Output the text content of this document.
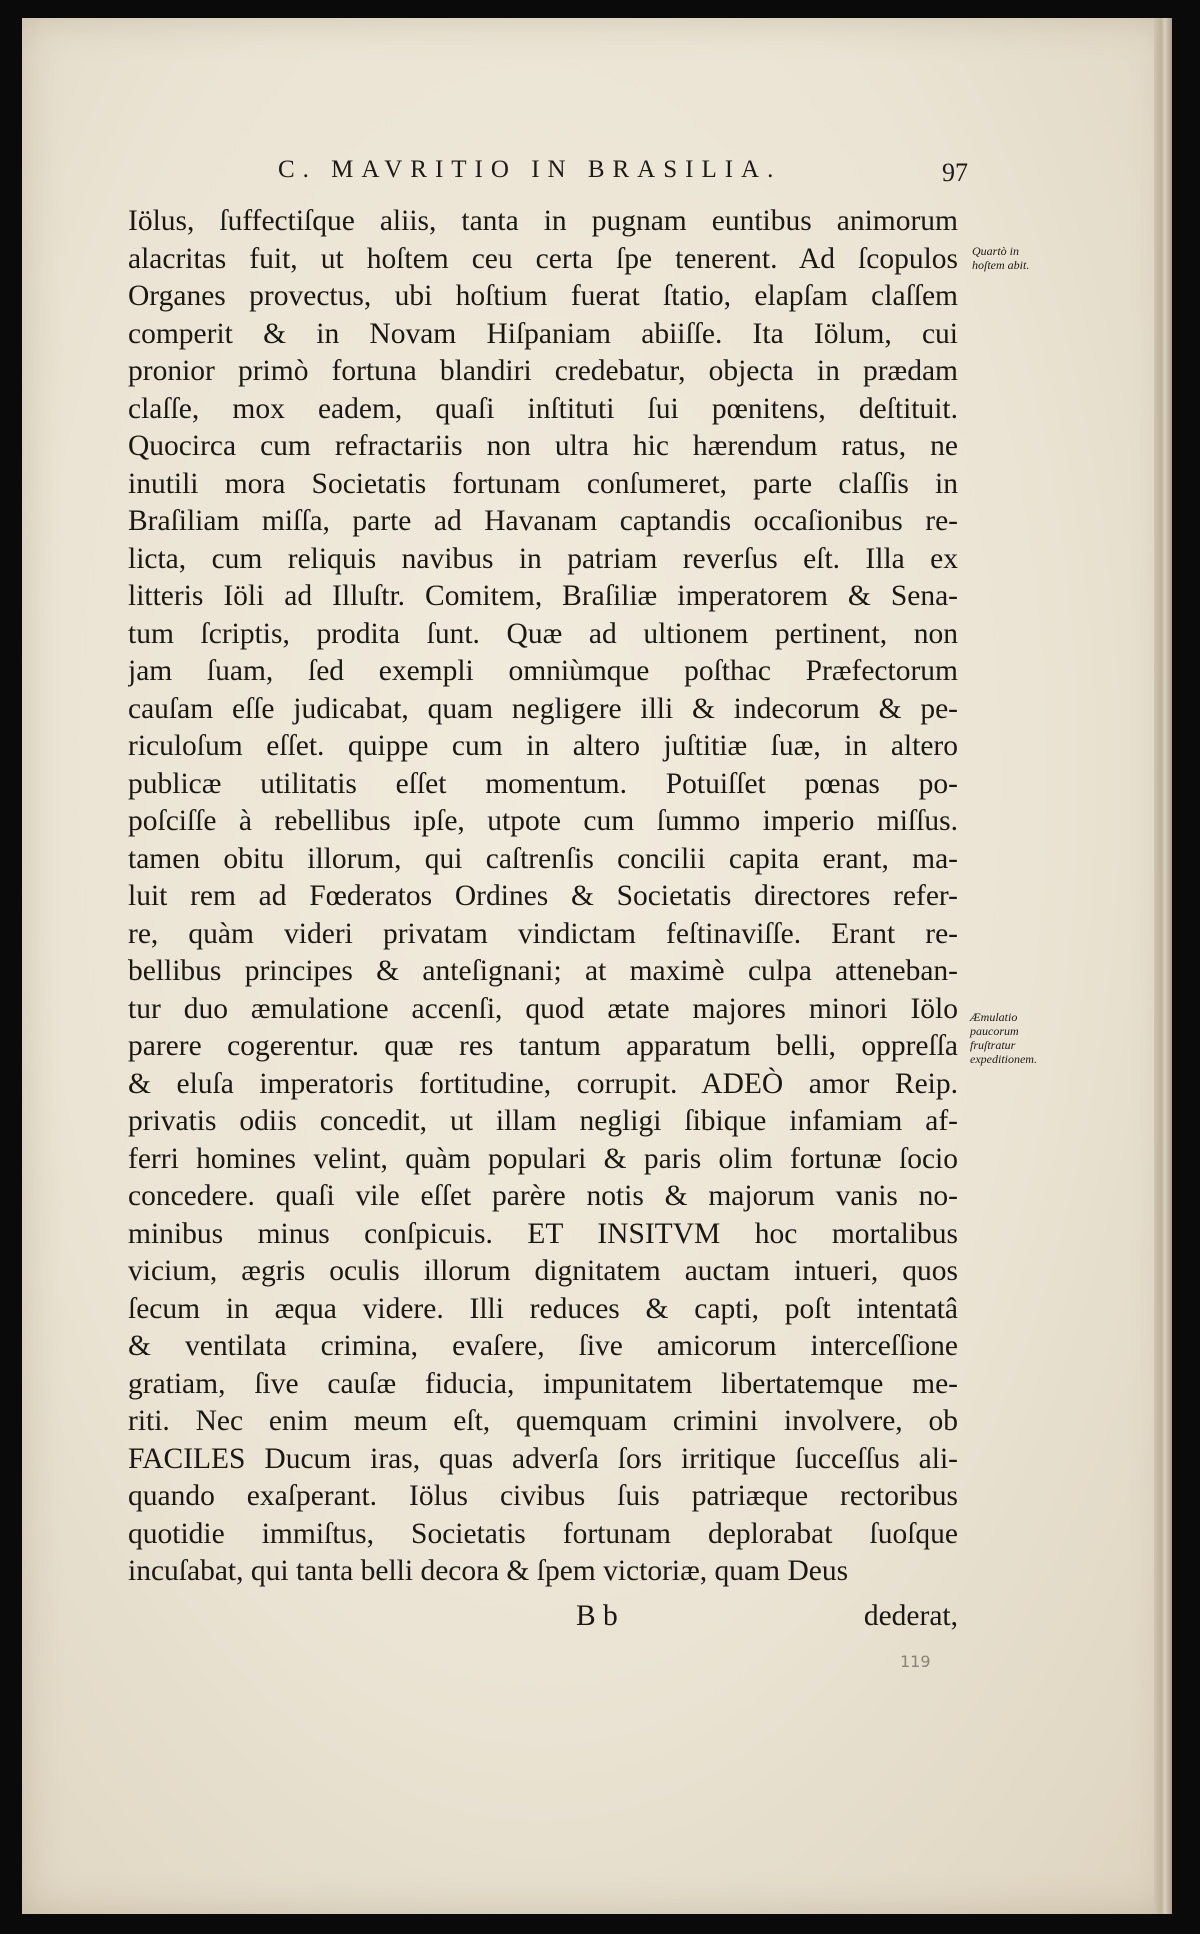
C. MAVRITIO IN BRASILIA.	97
Iölus, ſuffectiſque aliis, tanta in pugnam euntibus animorum
alacritas fuit, ut hoſtem ceu certa ſpe tenerent. Ad ſcopulos
Organes provectus, ubi hoſtium fuerat ſtatio, elapſam claſſem
comperit & in Novam Hiſpaniam abiiſſe. Ita Iölum, cui
pronior primò fortuna blandiri credebatur, objecta in prædam
claſſe, mox eadem, quaſi inſtituti ſui pœnitens, deſtituit.
Quocirca cum refractariis non ultra hic hærendum ratus, ne
inutili mora Societatis fortunam conſumeret, parte claſſis in
Braſiliam miſſa, parte ad Havanam captandis occaſionibus re-
licta, cum reliquis navibus in patriam reverſus eſt. Illa ex
litteris Iöli ad Illuſtr. Comitem, Braſiliæ imperatorem & Sena-
tum ſcriptis, prodita ſunt. Quæ ad ultionem pertinent, non
jam ſuam, ſed exempli omniùmque poſthac Præfectorum
cauſam eſſe judicabat, quam negligere illi & indecorum & pe-
riculoſum eſſet. quippe cum in altero juſtitiæ ſuæ, in altero
publicæ utilitatis eſſet momentum. Potuiſſet pœnas po-
poſciſſe à rebellibus ipſe, utpote cum ſummo imperio miſſus.
tamen obitu illorum, qui caſtrenſis concilii capita erant, ma-
luit rem ad Fœderatos Ordines & Societatis directores refer-
re, quàm videri privatam vindictam feſtinaviſſe. Erant re-
bellibus principes & anteſignani; at maximè culpa atteneban-
tur duo æmulatione accenſi, quod ætate majores minori Iölo
parere cogerentur. quæ res tantum apparatum belli, oppreſſa
& eluſa imperatoris fortitudine, corrupit. ADEÒ amor Reip.
privatis odiis concedit, ut illam negligi ſibique infamiam af-
ferri homines velint, quàm populari & paris olim fortunæ ſocio
concedere. quaſi vile eſſet parère notis & majorum vanis no-
minibus minus conſpicuis. ET INSITVM hoc mortalibus
vicium, ægris oculis illorum dignitatem auctam intueri, quos
ſecum in æqua videre. Illi reduces & capti, poſt intentatâ
& ventilata crimina, evaſere, ſive amicorum interceſſione
gratiam, ſive cauſæ fiducia, impunitatem libertatemque me-
riti. Nec enim meum eſt, quemquam crimini involvere, ob
FACILES Ducum iras, quas adverſa ſors irritique ſucceſſus ali-
quando exaſperant. Iölus civibus ſuis patriæque rectoribus
quotidie immiſtus, Societatis fortunam deplorabat ſuoſque
incuſabat, qui tanta belli decora & ſpem victoriæ, quam Deus
B b	dederat,
Quartò in hoſtem abit.
Æmulatio paucorum fruſtratur expeditionem.
119
